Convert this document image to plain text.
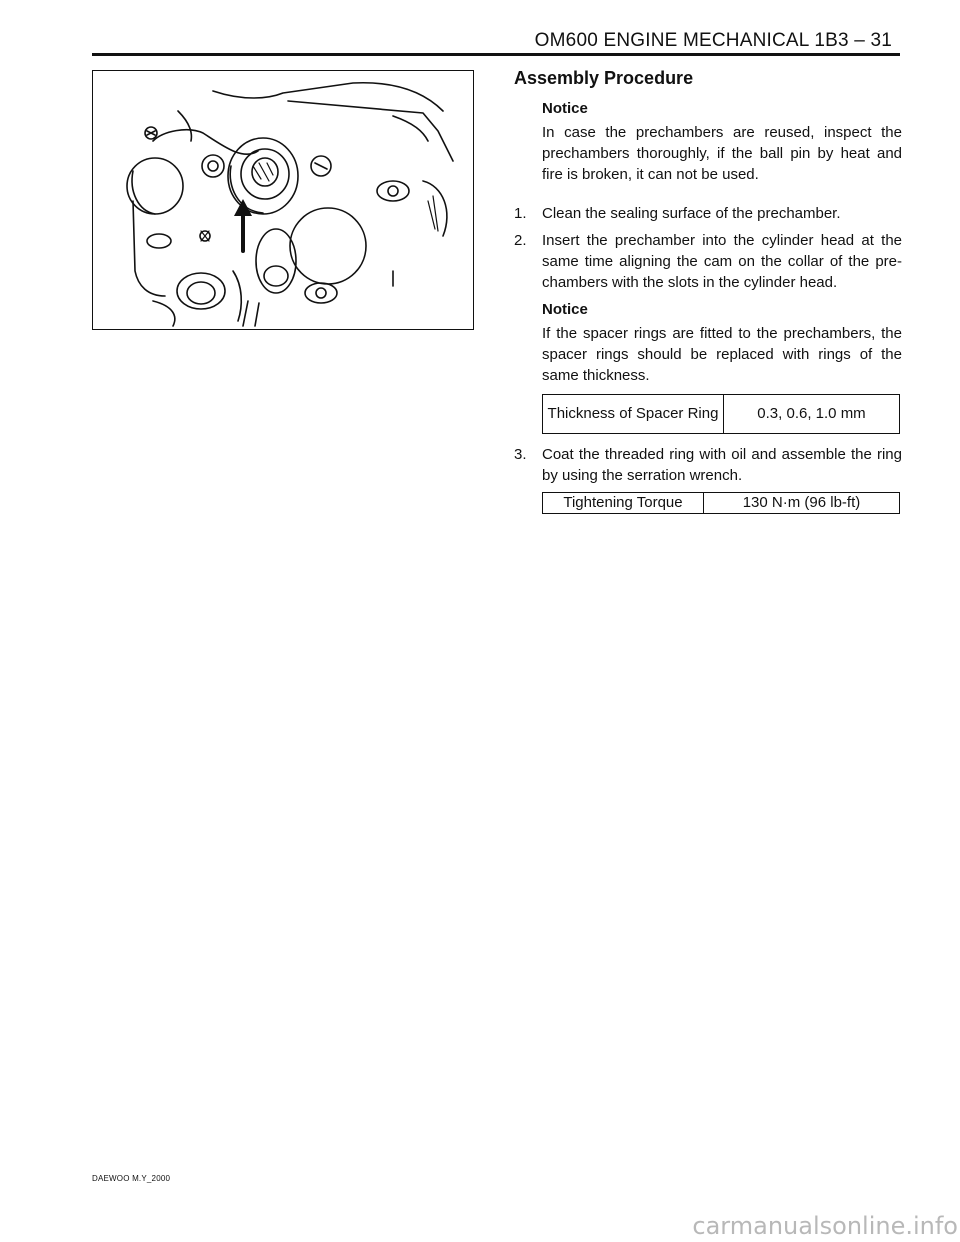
OM600 ENGINE MECHANICAL 1B3 – 31
Assembly Procedure
Notice

In case the prechambers are reused, inspect the prechambers thoroughly, if the ball pin by heat and fire is broken, it can not be used.

1.	Clean the sealing surface of the prechamber.
2.	Insert the prechamber into the cylinder head at the same time aligning the cam on the collar of the pre-chambers with the slots in the cylinder head.
Notice

If the spacer rings are fitted to the prechambers, the spacer rings should be replaced with rings of the same thickness.

Thickness of Spacer Ring	0.3, 0.6, 1.0 mm
3.	Coat the threaded ring with oil and assemble the ring by using the serration wrench.
Tightening Torque	130 N·m (96 lb-ft)
DAEWOO M.Y_2000
carmanualsonline.info
